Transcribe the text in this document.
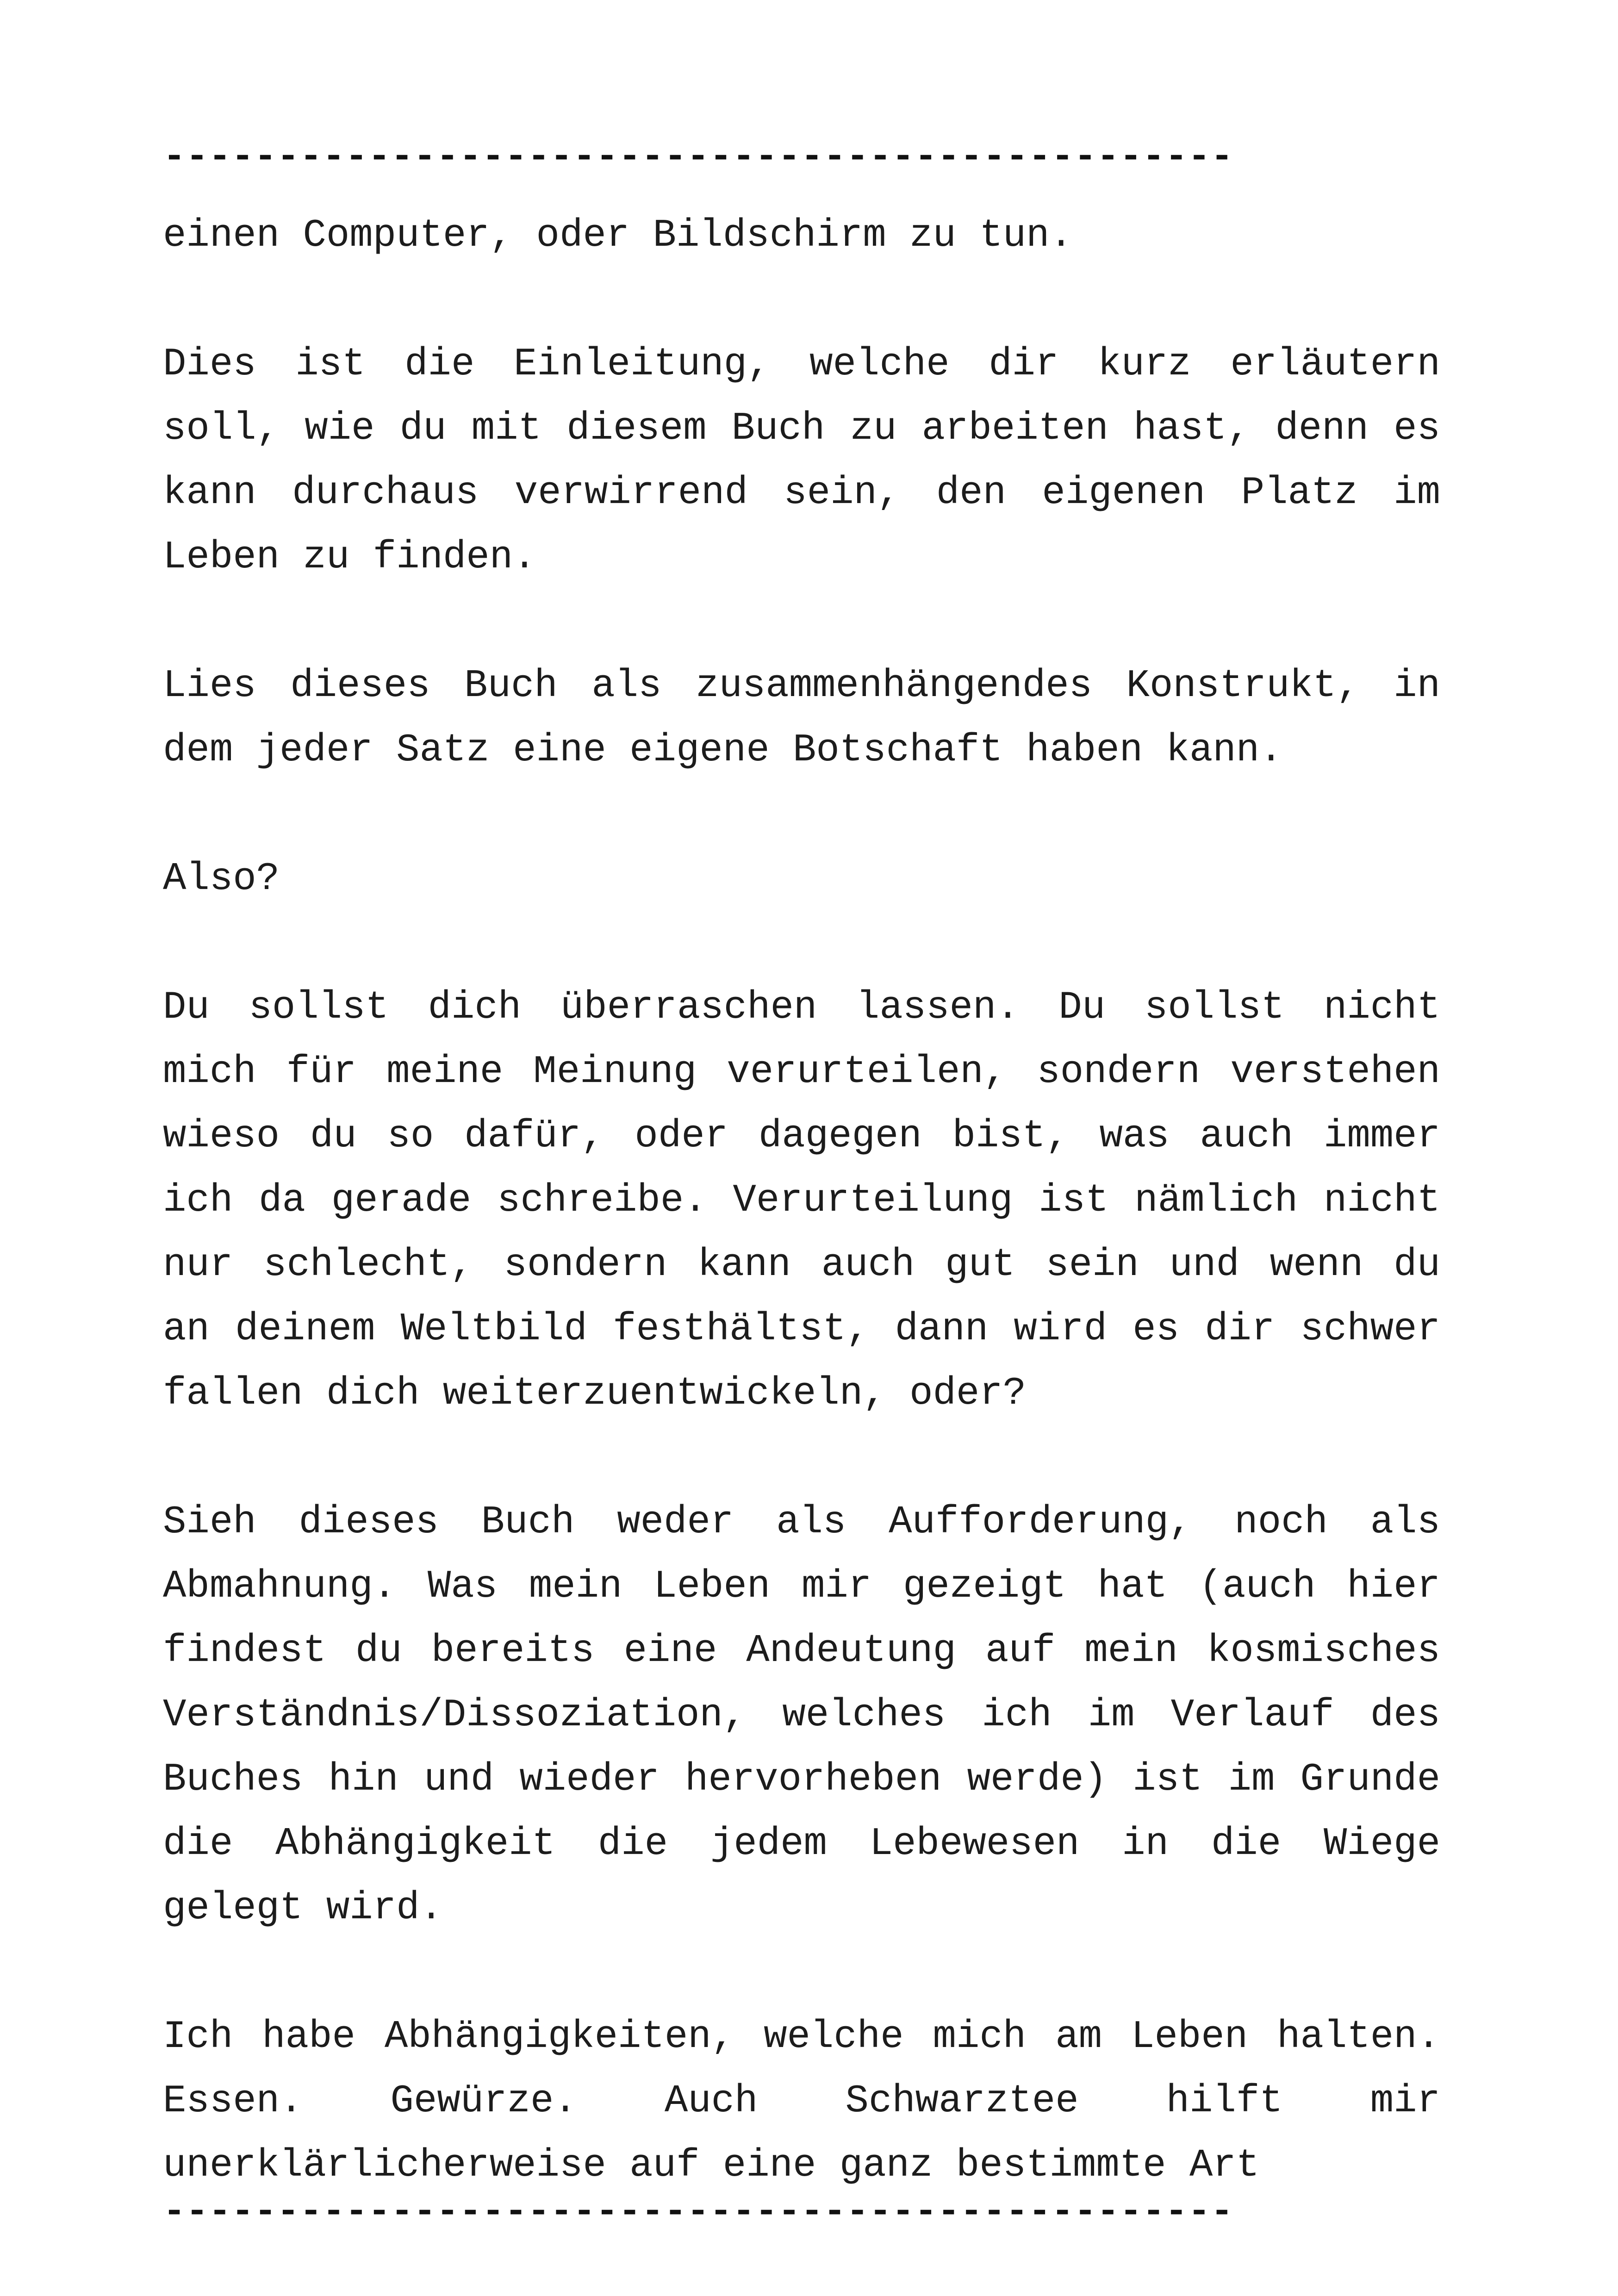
-----------------------------------------------

einen Computer, oder Bildschirm zu tun.

Dies ist die Einleitung, welche dir kurz erläutern soll, wie du mit diesem Buch zu arbeiten hast, denn es kann durchaus verwirrend sein, den eigenen Platz im Leben zu finden.

Lies dieses Buch als zusammenhängendes Konstrukt, in dem jeder Satz eine eigene Botschaft haben kann.

Also?

Du sollst dich überraschen lassen. Du sollst nicht mich für meine Meinung verurteilen, sondern verstehen wieso du so dafür, oder dagegen bist, was auch immer ich da gerade schreibe. Verurteilung ist nämlich nicht nur schlecht, sondern kann auch gut sein und wenn du an deinem Weltbild festhältst, dann wird es dir schwer fallen dich weiterzuentwickeln, oder?

Sieh dieses Buch weder als Aufforderung, noch als Abmahnung. Was mein Leben mir gezeigt hat (auch hier findest du bereits eine Andeutung auf mein kosmisches Verständnis/Dissoziation, welches ich im Verlauf des Buches hin und wieder hervorheben werde) ist im Grunde die Abhängigkeit die jedem Lebewesen in die Wiege gelegt wird.

Ich habe Abhängigkeiten, welche mich am Leben halten. Essen. Gewürze. Auch Schwarztee hilft mir unerklärlicherweise auf eine ganz bestimmte Art

-----------------------------------------------
